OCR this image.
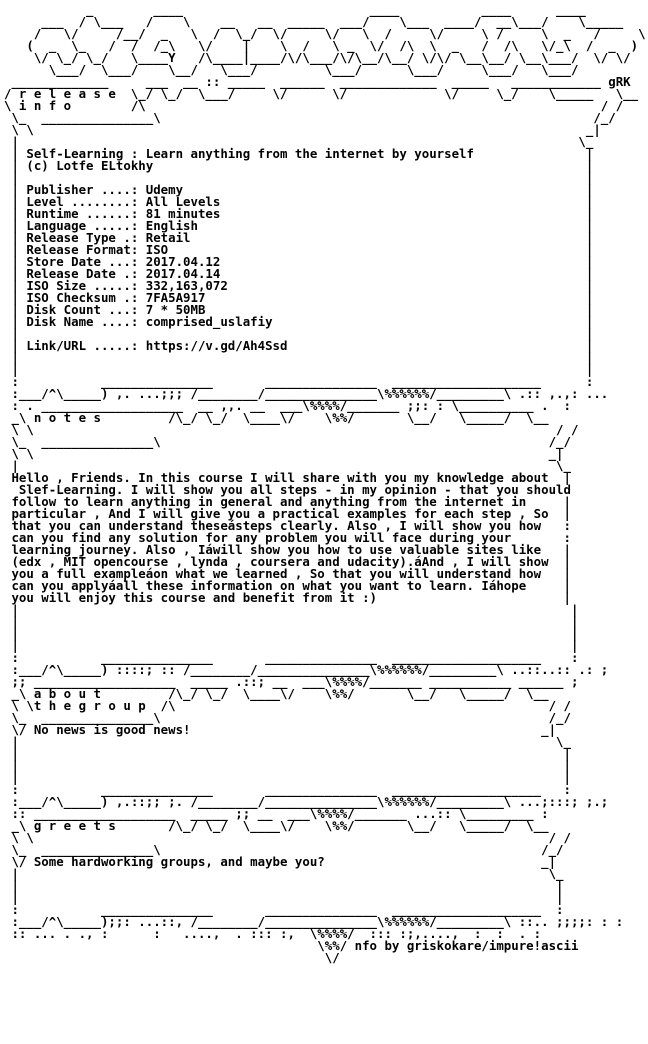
_        ____                         ____           ____      ____
___  / \___   /    \    __   __  _____  ___/    \___  ____/  __\___/    \_____
/   \/     /__/  _   \  /  \_/  \/     \/   \  /     \/     \ /     \  _   /     \
(  _  \_   /  /  /_\   \/    |    \  /   \ _  \/  /\  \  _   /  /\   \/_\  /  _  )
\/ \_/ \_/   \____Y   /\____|____/\/\___/\/\__/\__/ \/\/ \__\__/ \__\___/  \/ \/
\___/  \___/    \__/   \___/         \___/      \___/     \___/   \___/
_____________     ___  __ :: _____  ______  _____________  _____   ____________ gRK
/ r e l e a s e  \_/ \_/  \___/     \/      \/             \/     \_/    \_____   \__
\ i n f o        /\                                                             / /
\_  _______________\                                                          /_/
\ \                                                                          _|
|                                                                           \_
| Self-Learning : Learn anything from the internet by yourself               |
| (c) Lotfe ELtokhy                                                          |
|                                                                            |
| Publisher ....: Udemy                                                      |
| Level ........: All Levels                                                 |
| Runtime ......: 81 minutes                                                 |
| Language .....: English                                                    |
| Release Type .: Retail                                                     |
| Release Format: ISO                                                        |
| Store Date ...: 2017.04.12                                                 |
| Release Date .: 2017.04.14                                                 |
| ISO Size .....: 332,163,072                                                |
| ISO Checksum .: 7FA5A917                                                   |
| Disk Count ...: 7 * 50MB                                                   |
| Disk Name ....: comprised_uslafiy                                          |
|                                                                            |
| Link/URL .....: https://v.gd/Ah4Ssd                                        |
|                                                                            |
|                                                                            |
:           _______________       _______________  ____________________      :
:___/^\_____) ,. ...;;; /________/_______________\%%%%%%/_________\ .:: ,.,: ...
: . ___________________  __ ,,. __  ___\%%%%/_______ ;;: : \__________ .  :
_\ n o t e s         /\_/ \_/  \____\/    \%%/       \__/   \_____/  \__
\ \                                                                      / /
\_  _______________\                                                    /_/
\ \                                                                     _|
|                                                                        \_
Hello , Friends. In this course I will share with you my knowledge about  |
Slef-Learning. I will show you all steps - in my opinion - that you should
follow to learn anything in general and anything from the internet in     |
particular , And I will give you a practical examples for each step , So  |
that you can understand theseásteps clearly. Also , I will show you how   :
can you find any solution for any problem you will face during your       :
learning journey. Also , Iáwill show you how to use valuable sites like   |
(edx , MIT opencourse , lynda , coursera and udacity).áAnd , I will show  |
you a full exampleáon what we learned , So that you will understand how   |
can you applyáall these information on what you want to learn. Iáhope     |
you will enjoy this course and benefit from it :)                         |
|                                                                          |
|                                                                          |
|                                                                          |
|                                                                          |
:           _______________       _______________  ____________________    :
:___/^\_____) ::::; :: /________/_______________\%%%%%%/_________\ ..::..:: .: ;
;; ___________________  _____ .::; __  ___\%%%%/_______ ___________ ______ ;
_\ a b o u t         /\_/ \_/  \____\/    \%%/       \__/   \_____/  \__
\ \t h e g r o u p  /\                                                  / /
\_  _______________\                                                    /_/
\/ No news is good news!                                               _|
|                                                                        \_
|                                                                         |
|                                                                         |
|                                                                         |
:           _______________       _______________  ____________________   :
:___/^\_____) ,.::;; ;. /________/_______________\%%%%%%/_________\ ...;:::; ;.;
:: ___________________  _____ ;; __  ___\%%%%/_______ ...:: \_________ :
_\ g r e e t s       /\_/ \_/  \____\/    \%%/       \__/   \_____/  \__
\ \                                                                     / /
\_  _______________\                                                   /_/
\/ Some hardworking groups, and maybe you?                             _|
|                                                                       \_
|                                                                        |
|                                                                        |
:           _______________       _______________  ____________________  :
:___/^\_____);;: ...::, /________/_______________\%%%%%%/_________\ ::.. ;;;;: : :
:: ... . ., :      :   ....,  . ::: :,  \%%%%/  ::: :;,....,  :  :  . :
\%%/ nfo by griskokare/impure!ascii
\/
